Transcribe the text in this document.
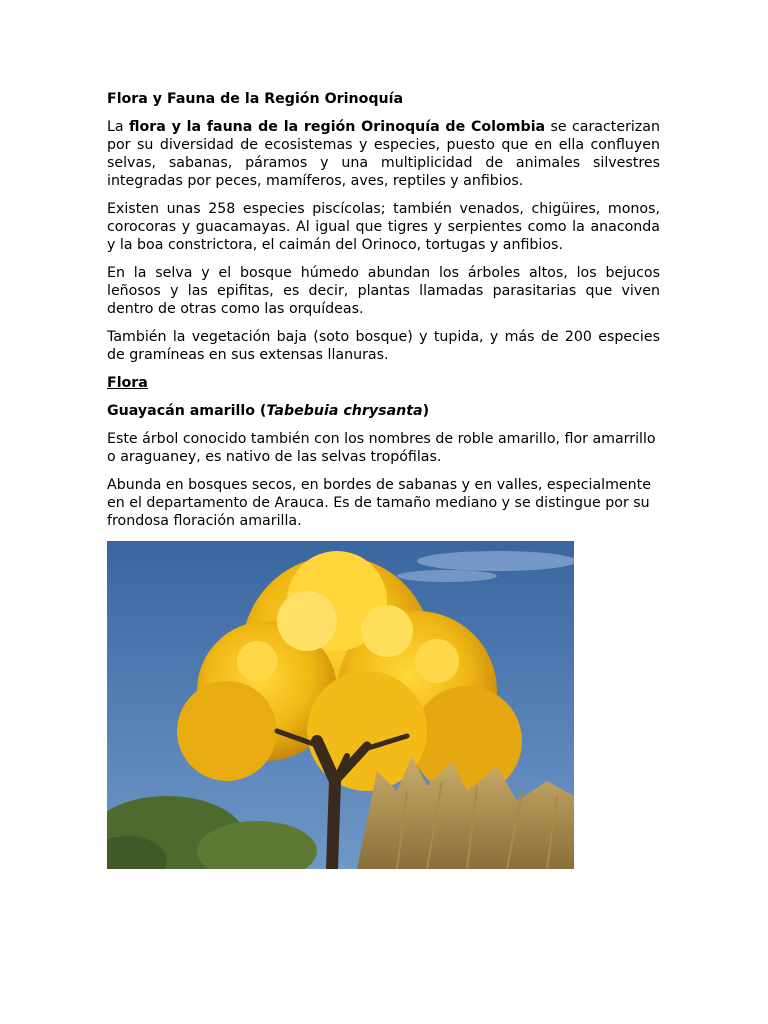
Flora y Fauna de la Región Orinoquía

La flora y la fauna de la región Orinoquía de Colombia se caracterizan por su diversidad de ecosistemas y especies, puesto que en ella confluyen selvas, sabanas, páramos y una multiplicidad de animales silvestres integradas por peces, mamíferos, aves, reptiles y anfibios.

Existen unas 258 especies piscícolas; también venados, chigüires, monos, corocoras y guacamayas. Al igual que tigres y serpientes como la anaconda y la boa constrictora, el caimán del Orinoco, tortugas y anfibios.

En la selva y el bosque húmedo abundan los árboles altos, los bejucos leñosos y las epifitas, es decir, plantas llamadas parasitarias que viven dentro de otras como las orquídeas.

También la vegetación baja (soto bosque) y tupida, y más de 200 especies de gramíneas en sus extensas llanuras.

Flora
Guayacán amarillo (Tabebuia chrysanta)

Este árbol conocido también con los nombres de roble amarillo, flor amarrillo o araguaney, es nativo de las selvas tropófilas.

Abunda en bosques secos, en bordes de sabanas y en valles, especialmente en el departamento de Arauca. Es de tamaño mediano y se distingue por su frondosa floración amarilla.
